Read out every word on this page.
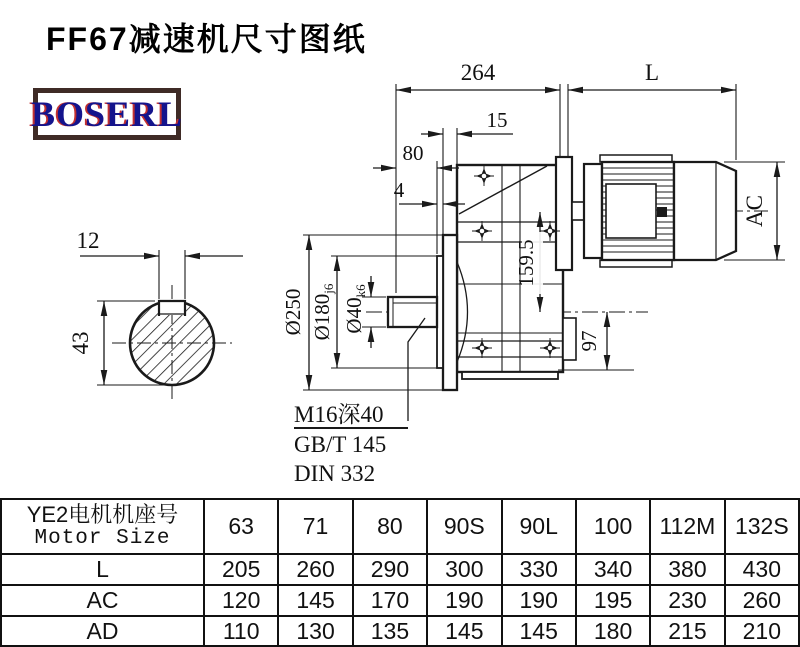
FF67减速机尺寸图纸
BOSERL
12
43
264	L
15
80
4
Ø250 Ø180j6
Ø40k6
159.5
97
AC
M16深40
GB/T 145
DIN 332
YE2电机机座号
Motor Size	63	71	80	90S	90L	100	112M	132S
L	205	260	290	300	330	340	380	430
AC	120	145	170	190	190	195	230	260
AD	110	130	135	145	145	180	215	210
